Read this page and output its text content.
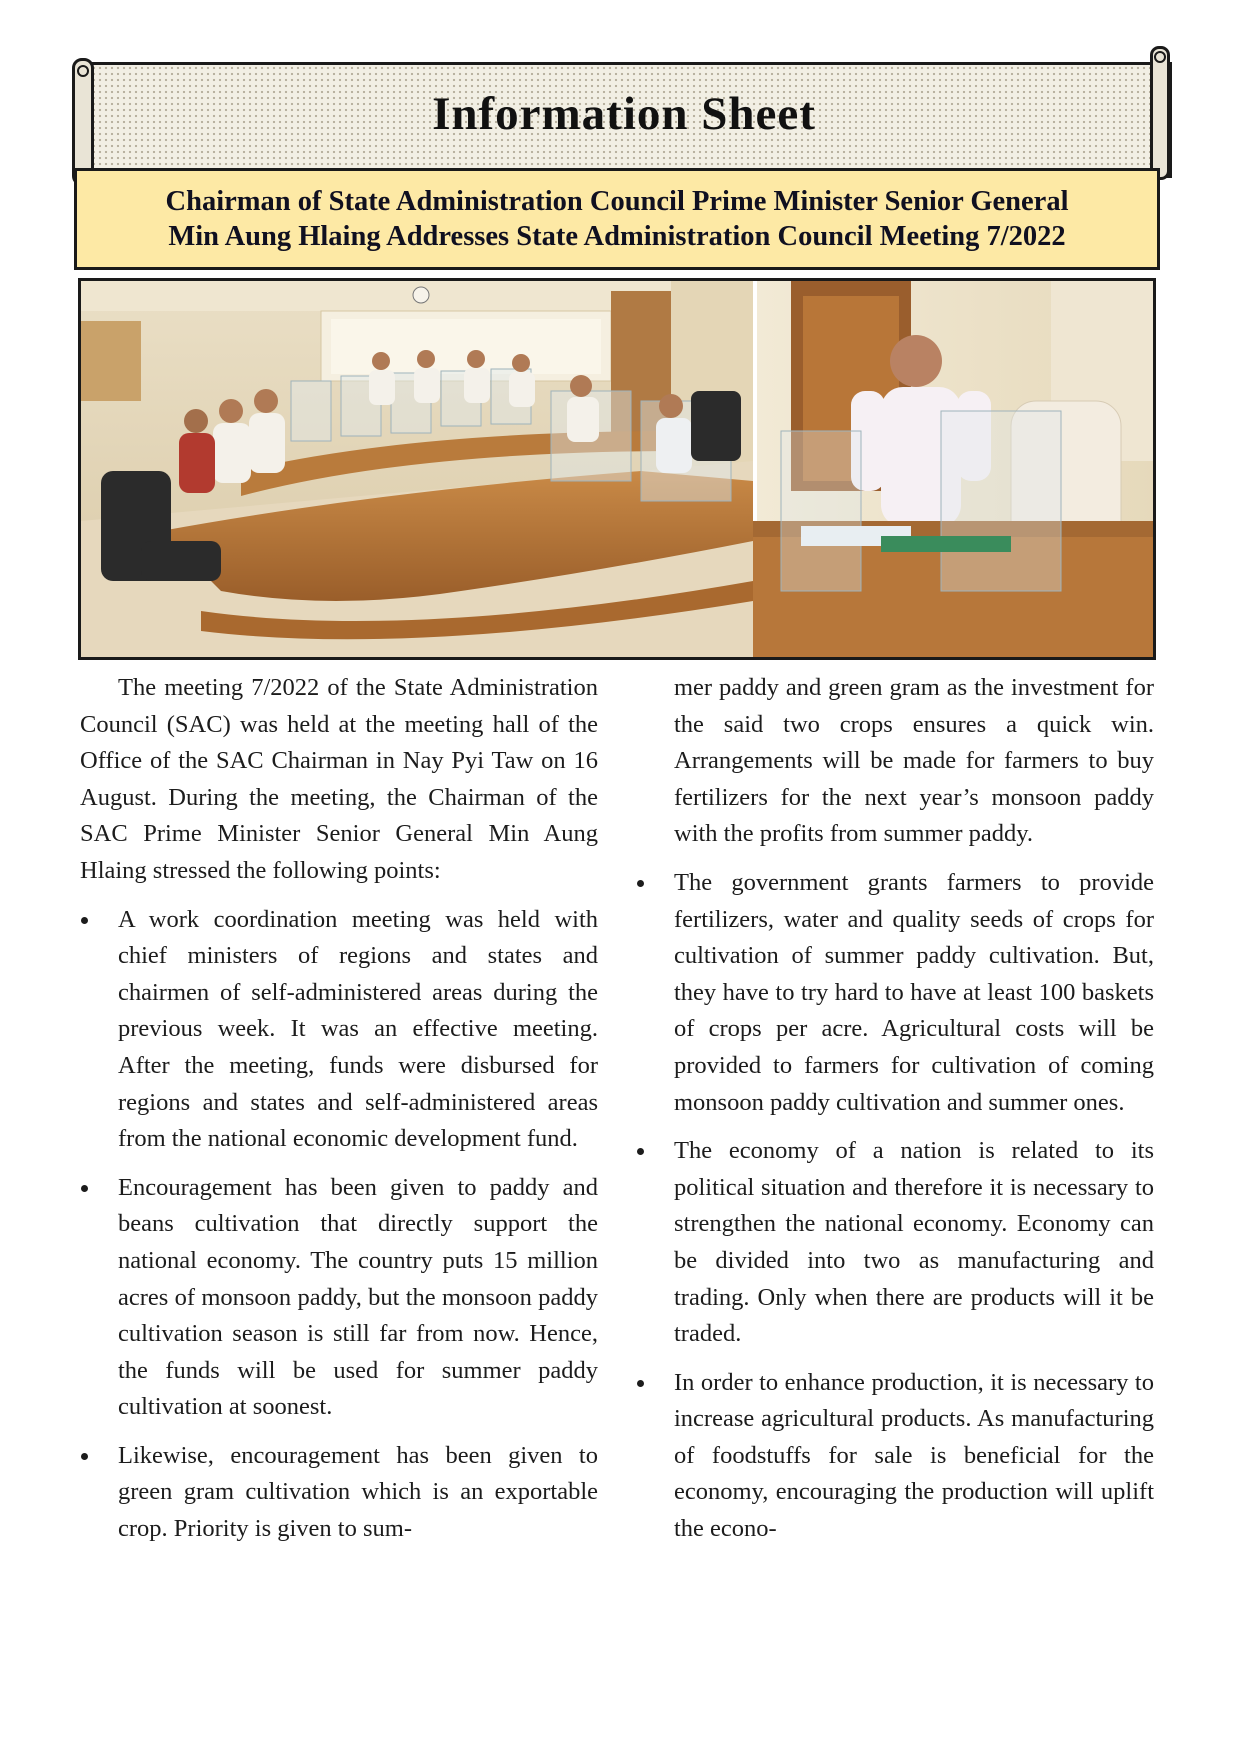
Information Sheet
Chairman of State Administration Council Prime Minister Senior General
Min Aung Hlaing Addresses State Administration Council Meeting 7/2022

The meeting 7/2022 of the State Administration Council (SAC) was held at the meeting hall of the Office of the SAC Chairman in Nay Pyi Taw on 16 August. During the meeting, the Chairman of the SAC Prime Minister Senior General Min Aung Hlaing stressed the following points:

A work coordination meeting was held with chief ministers of regions and states and chairmen of self-administered areas during the previous week. It was an effective meeting. After the meeting, funds were disbursed for regions and states and self-administered areas from the national economic development fund.
Encouragement has been given to paddy and beans cultivation that directly support the national economy. The country puts 15 million acres of monsoon paddy, but the monsoon paddy cultivation season is still far from now. Hence, the funds will be used for summer paddy cultivation at soonest.
Likewise, encouragement has been given to green gram cultivation which is an exportable crop. Priority is given to sum-

mer paddy and green gram as the investment for the said two crops ensures a quick win. Arrangements will be made for farmers to buy fertilizers for the next year’s monsoon paddy with the profits from summer paddy.

The government grants farmers to provide fertilizers, water and quality seeds of crops for cultivation of summer paddy cultivation. But, they have to try hard to have at least 100 baskets of crops per acre. Agricultural costs will be provided to farmers for cultivation of coming monsoon paddy cultivation and summer ones.
The economy of a nation is related to its political situation and therefore it is necessary to strengthen the national economy. Economy can be divided into two as manufacturing and trading. Only when there are products will it be traded.
In order to enhance production, it is necessary to increase agricultural products. As manufacturing of foodstuffs for sale is beneficial for the economy, encouraging the production will uplift the econo-
